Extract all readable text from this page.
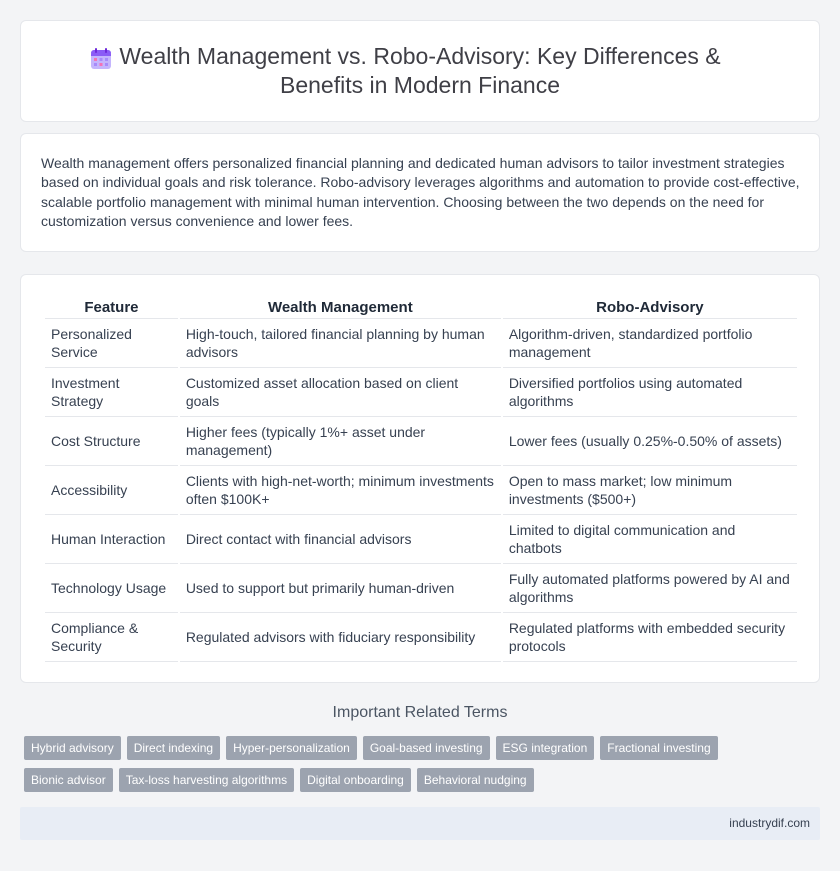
Wealth Management vs. Robo-Advisory: Key Differences & Benefits in Modern Finance

Wealth management offers personalized financial planning and dedicated human advisors to tailor investment strategies based on individual goals and risk tolerance. Robo-advisory leverages algorithms and automation to provide cost-effective, scalable portfolio management with minimal human intervention. Choosing between the two depends on the need for customization versus convenience and lower fees.

Feature	Wealth Management	Robo-Advisory
Personalized Service	High-touch, tailored financial planning by human advisors	Algorithm-driven, standardized portfolio management
Investment Strategy	Customized asset allocation based on client goals	Diversified portfolios using automated algorithms
Cost Structure	Higher fees (typically 1%+ asset under management)	Lower fees (usually 0.25%-0.50% of assets)
Accessibility	Clients with high-net-worth; minimum investments often $100K+	Open to mass market; low minimum investments ($500+)
Human Interaction	Direct contact with financial advisors	Limited to digital communication and chatbots
Technology Usage	Used to support but primarily human-driven	Fully automated platforms powered by AI and algorithms
Compliance & Security	Regulated advisors with fiduciary responsibility	Regulated platforms with embedded security protocols
Important Related Terms
Hybrid advisory	Direct indexing	Hyper-personalization	Goal-based investing	ESG integration	Fractional investing
Bionic advisor	Tax-loss harvesting algorithms	Digital onboarding	Behavioral nudging
industrydif.com
